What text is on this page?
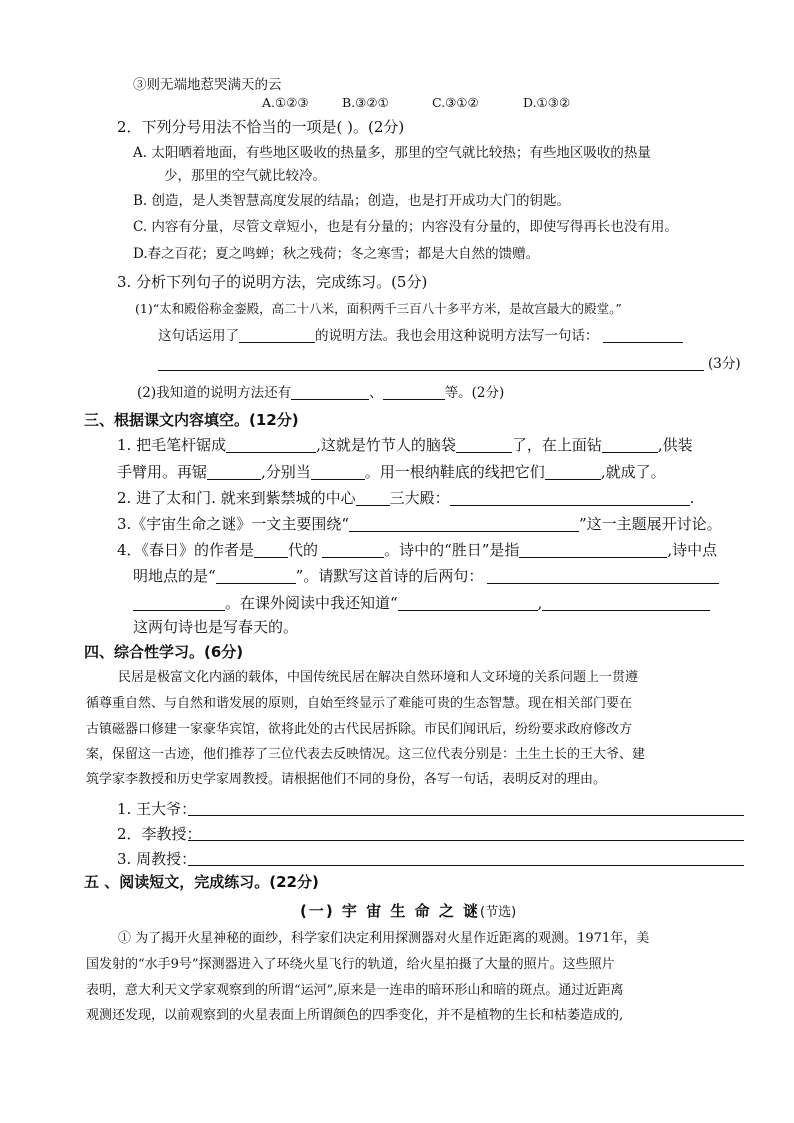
③则无端地惹哭满天的云
A.①②③	B.③②①	C.③①②	D.①③②
2．下列分号用法不恰当的一项是( )。(2分)
A. 太阳晒着地面，有些地区吸收的热量多，那里的空气就比较热；有些地区吸收的热量
少，那里的空气就比较冷。
B. 创造，是人类智慧高度发展的结晶；创造，也是打开成功大门的钥匙。
C. 内容有分量，尽管文章短小，也是有分量的；内容没有分量的，即使写得再长也没有用。
D.春之百花；夏之鸣蝉；秋之残荷；冬之寒雪；都是大自然的馈赠。
3. 分析下列句子的说明方法，完成练习。(5分)
(1)“太和殿俗称金銮殿，高二十八米，面积两千三百八十多平方米，是故宫最大的殿堂。”
这句话运用了	的说明方法。我也会用这种说明方法写一句话：
(3分)
(2)我知道的说明方法还有	、	等。(2分)
三、根据课文内容填空。(12分)
1. 把毛笔杆锯成	,这就是竹节人的脑袋	了，在上面钻	,供装
手臂用。再锯	,分别当	。用一根纳鞋底的线把它们	,就成了。
2. 进了太和门. 就来到紫禁城的中心 三大殿：	.
3.《宇宙生命之谜》一文主要围绕“	”这一主题展开讨论。
4．《春日》的作者是 代的	。诗中的“胜日”是指	,诗中点
明地点的是“	”。请默写这首诗的后两句：
。在课外阅读中我还知道“	,
这两句诗也是写春天的。
四、综合性学习。(6分)
民居是极富文化内涵的载体，中国传统民居在解决自然环境和人文环境的关系问题上一贯遵
循尊重自然、与自然和谐发展的原则，自始至终显示了难能可贵的生态智慧。现在相关部门要在
古镇磁器口修建一家豪华宾馆，欲将此处的古代民居拆除。市民们闻讯后，纷纷要求政府修改方
案，保留这一古迹，他们推荐了三位代表去反映情况。这三位代表分别是：土生土长的王大爷、建
筑学家李教授和历史学家周教授。请根据他们不同的身份，各写一句话，表明反对的理由。
1. 王大爷：
2．李教授：
3. 周教授：
五 、阅读短文，完成练习。(22分)
(一) 宇 宙 生 命 之 谜(节选)
① 为了揭开火星神秘的面纱，科学家们决定利用探测器对火星作近距离的观测。1971年，美
国发射的“水手9号”探测器进入了环绕火星飞行的轨道，给火星拍摄了大量的照片。这些照片
表明，意大利天文学家观察到的所谓“运河”,原来是一连串的暗环形山和暗的斑点。通过近距离
观测还发现，以前观察到的火星表面上所谓颜色的四季变化，并不是植物的生长和枯萎造成的,
